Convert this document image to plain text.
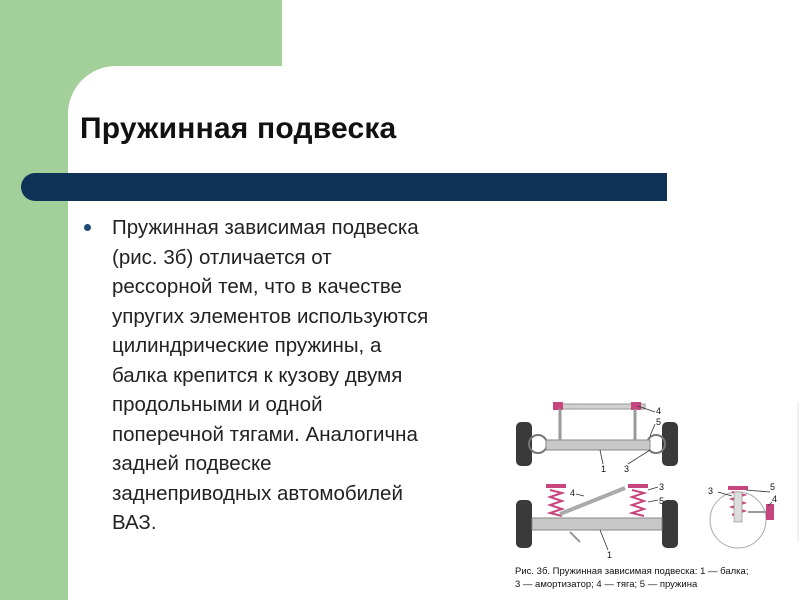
Пружинная подвеска
Пружинная зависимая подвеска
(рис. 3б) отличается от
рессорной тем, что в качестве
упругих элементов используются
цилиндрические пружины, а
балка крепится к кузову двумя
продольными и одной
поперечной тягами. Аналогична
задней подвеске
заднеприводных автомобилей
ВАЗ.
1 3
4
5
4
3
5
1
3	5
4
Рис. 3б. Пружинная зависимая подвеска: 1 — балка;
3 — амортизатор; 4 — тяга; 5 — пружина
